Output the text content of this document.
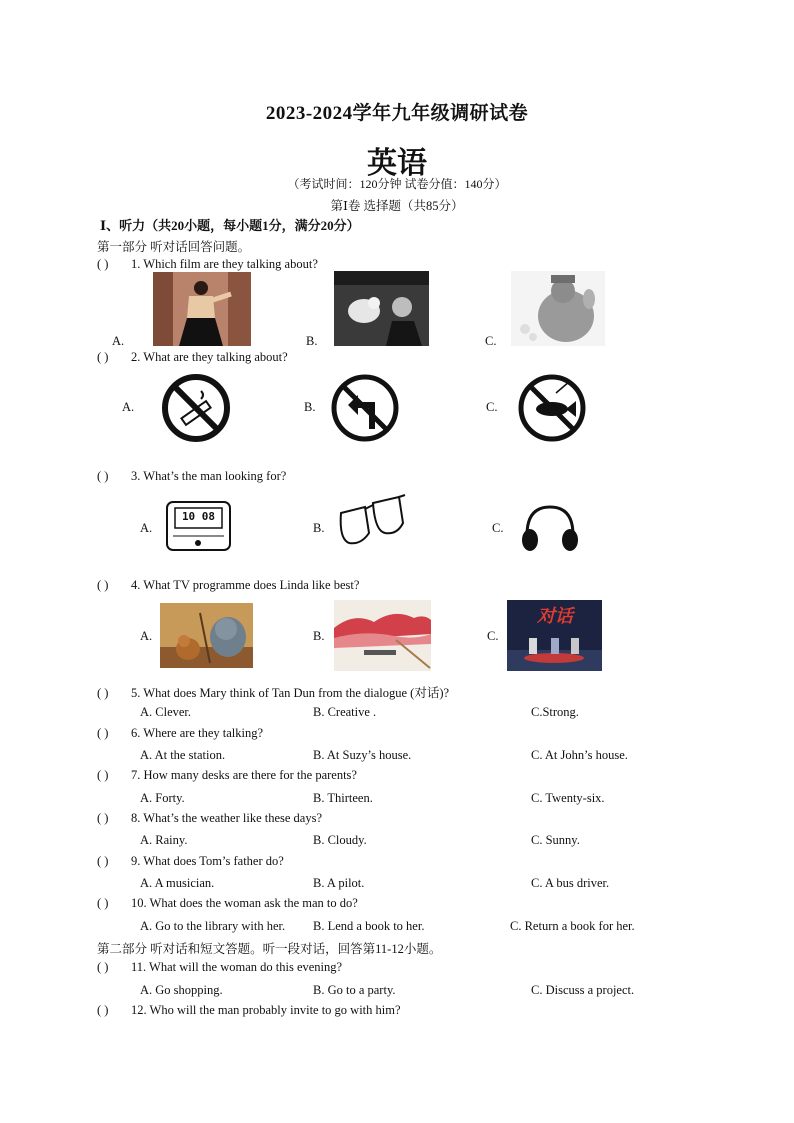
2023-2024学年九年级调研试卷
英语
（考试时间：120分钟 试卷分值：140分）
第Ⅰ卷 选择题（共85分）
Ⅰ、听力（共20小题，每小题1分，满分20分）
第一部分 听对话回答问题。
( ) 1. Which film are they talking about?
A.	B.	C.
( ) 2. What are they talking about?
A.	B.	C.
( ) 3. What’s the man looking for?
A.	B.	C.
10 08
( ) 4. What TV programme does Linda like best?
A.	B.	C.
对话
( ) 5. What does Mary think of Tan Dun from the dialogue (对话)?
A. Clever.	B. Creative .	C.Strong.
( ) 6. Where are they talking?
A. At the station.	B. At Suzy’s house.	C. At John’s house.
( ) 7. How many desks are there for the parents?
A. Forty.	B. Thirteen.	C. Twenty-six.
( ) 8. What’s the weather like these days?
A. Rainy.	B. Cloudy.	C. Sunny.
( ) 9. What does Tom’s father do?
A. A musician.	B. A pilot.	C. A bus driver.
( ) 10. What does the woman ask the man to do?
A. Go to the library with her. B. Lend a book to her.	C. Return a book for her.
第二部分 听对话和短文答题。听一段对话，回答第11-12小题。
( ) 11. What will the woman do this evening?
A. Go shopping.	B. Go to a party.	C. Discuss a project.
( ) 12. Who will the man probably invite to go with him?
